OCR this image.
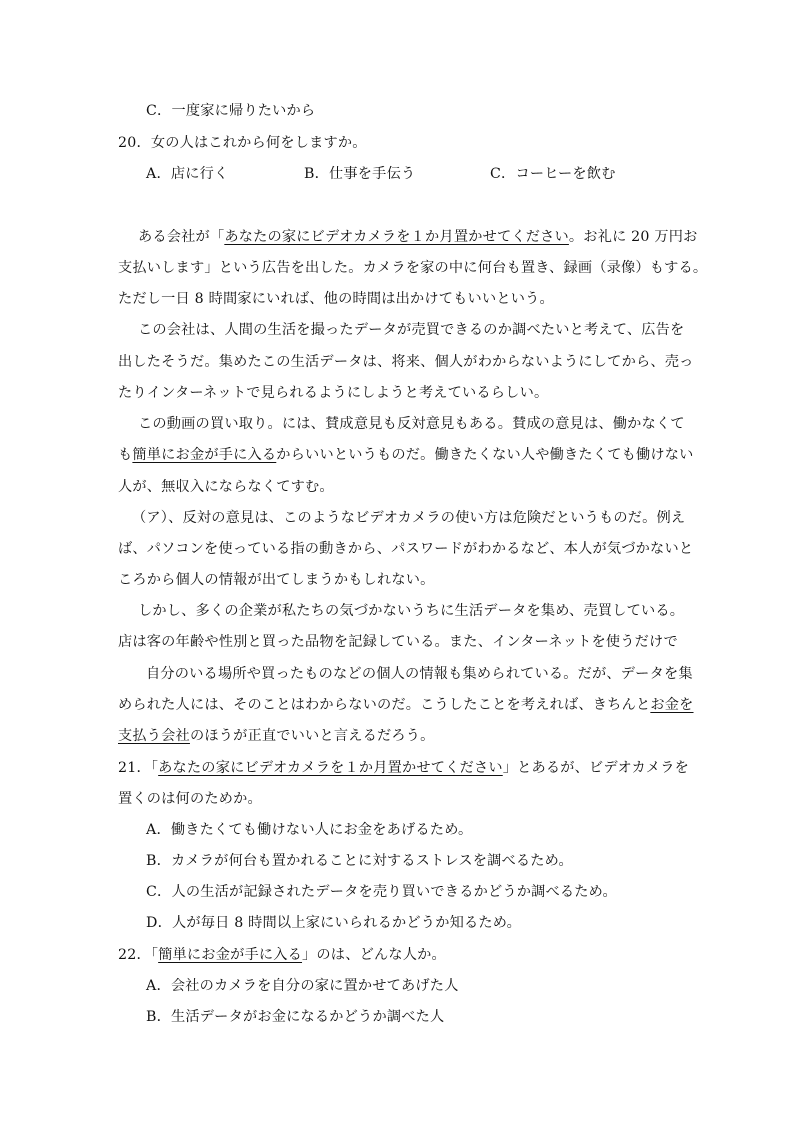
C．一度家に帰りたいから
20．女の人はこれから何をしますか。
A．店に行く	B．仕事を手伝う	C．コーヒーを飲む
ある会社が「あなたの家にビデオカメラを１か月置かせてください。お礼に 20 万円お
支払いします」という広告を出した。カメラを家の中に何台も置き、録画（录像）もする。
ただし一日 8 時間家にいれば、他の時間は出かけてもいいという。
この会社は、人間の生活を撮ったデータが売買できるのか調べたいと考えて、広告を
出したそうだ。集めたこの生活データは、将来、個人がわからないようにしてから、売っ
たりインターネットで見られるようにしようと考えているらしい。
この動画の買い取り。には、賛成意見も反対意見もある。賛成の意見は、働かなくて
も簡単にお金が手に入るからいいというものだ。働きたくない人や働きたくても働けない
人が、無収入にならなくてすむ。
（ア）、反対の意見は、このようなビデオカメラの使い方は危険だというものだ。例え
ば、パソコンを使っている指の動きから、パスワードがわかるなど、本人が気づかないと
ころから個人の情報が出てしまうかもしれない。
しかし、多くの企業が私たちの気づかないうちに生活データを集め、売買している。
店は客の年齢や性別と買った品物を記録している。また、インターネットを使うだけで
自分のいる場所や買ったものなどの個人の情報も集められている。だが、データを集
められた人には、そのことはわからないのだ。こうしたことを考えれば、きちんとお金を
支払う会社のほうが正直でいいと言えるだろう。
21．「あなたの家にビデオカメラを１か月置かせてください」とあるが、ビデオカメラを
置くのは何のためか。
A．働きたくても働けない人にお金をあげるため。
B．カメラが何台も置かれることに対するストレスを調べるため。
C．人の生活が記録されたデータを売り買いできるかどうか調べるため。
D．人が毎日 8 時間以上家にいられるかどうか知るため。
22．「簡単にお金が手に入る」のは、どんな人か。
A．会社のカメラを自分の家に置かせてあげた人
B．生活データがお金になるかどうか調べた人
